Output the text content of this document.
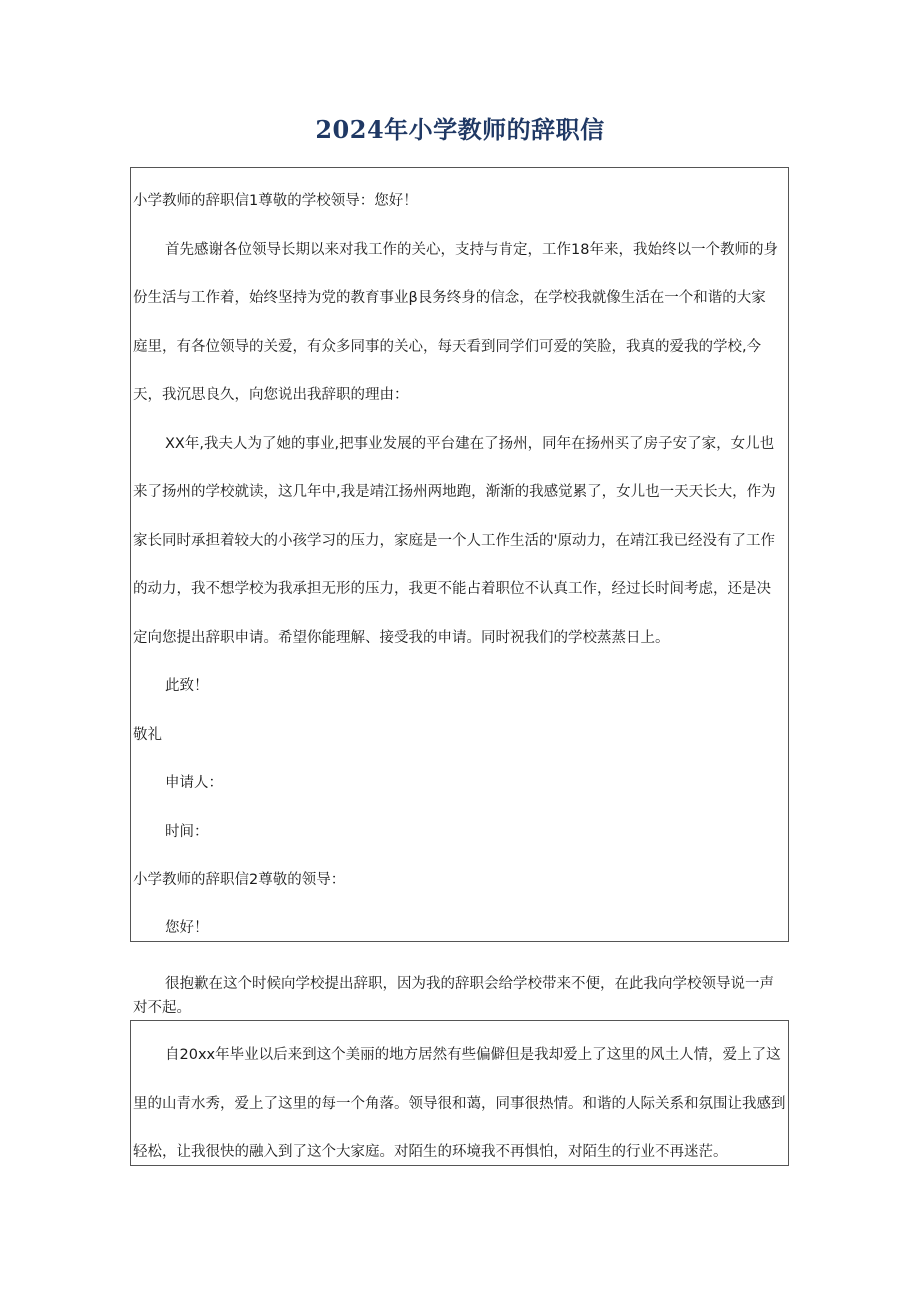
2024年小学教师的辞职信
小学教师的辞职信1尊敬的学校领导：您好！
首先感谢各位领导长期以来对我工作的关心，支持与肯定，工作18年来，我始终以一个教师的身
份生活与工作着，始终坚持为党的教育事业β艮务终身的信念，在学校我就像生活在一个和谐的大家
庭里，有各位领导的关爱，有众多同事的关心，每天看到同学们可爱的笑脸，我真的爱我的学校,今
天，我沉思良久，向您说出我辞职的理由：
XX年,我夫人为了她的事业,把事业发展的平台建在了扬州，同年在扬州买了房子安了家，女儿也
来了扬州的学校就读，这几年中,我是靖江扬州两地跑，渐渐的我感觉累了，女儿也一天天长大，作为
家长同时承担着较大的小孩学习的压力，家庭是一个人工作生活的'原动力，在靖江我已经没有了工作
的动力，我不想学校为我承担无形的压力，我更不能占着职位不认真工作，经过长时间考虑，还是决
定向您提出辞职申请。希望你能理解、接受我的申请。同时祝我们的学校蒸蒸日上。
此致！
敬礼
申请人：
时间：
小学教师的辞职信2尊敬的领导：
您好！
很抱歉在这个时候向学校提出辞职，因为我的辞职会给学校带来不便，在此我向学校领导说一声
对不起。
自20xx年毕业以后来到这个美丽的地方居然有些偏僻但是我却爱上了这里的风土人情，爱上了这
里的山青水秀，爱上了这里的每一个角落。领导很和蔼，同事很热情。和谐的人际关系和氛围让我感到
轻松，让我很快的融入到了这个大家庭。对陌生的环境我不再惧怕，对陌生的行业不再迷茫。
